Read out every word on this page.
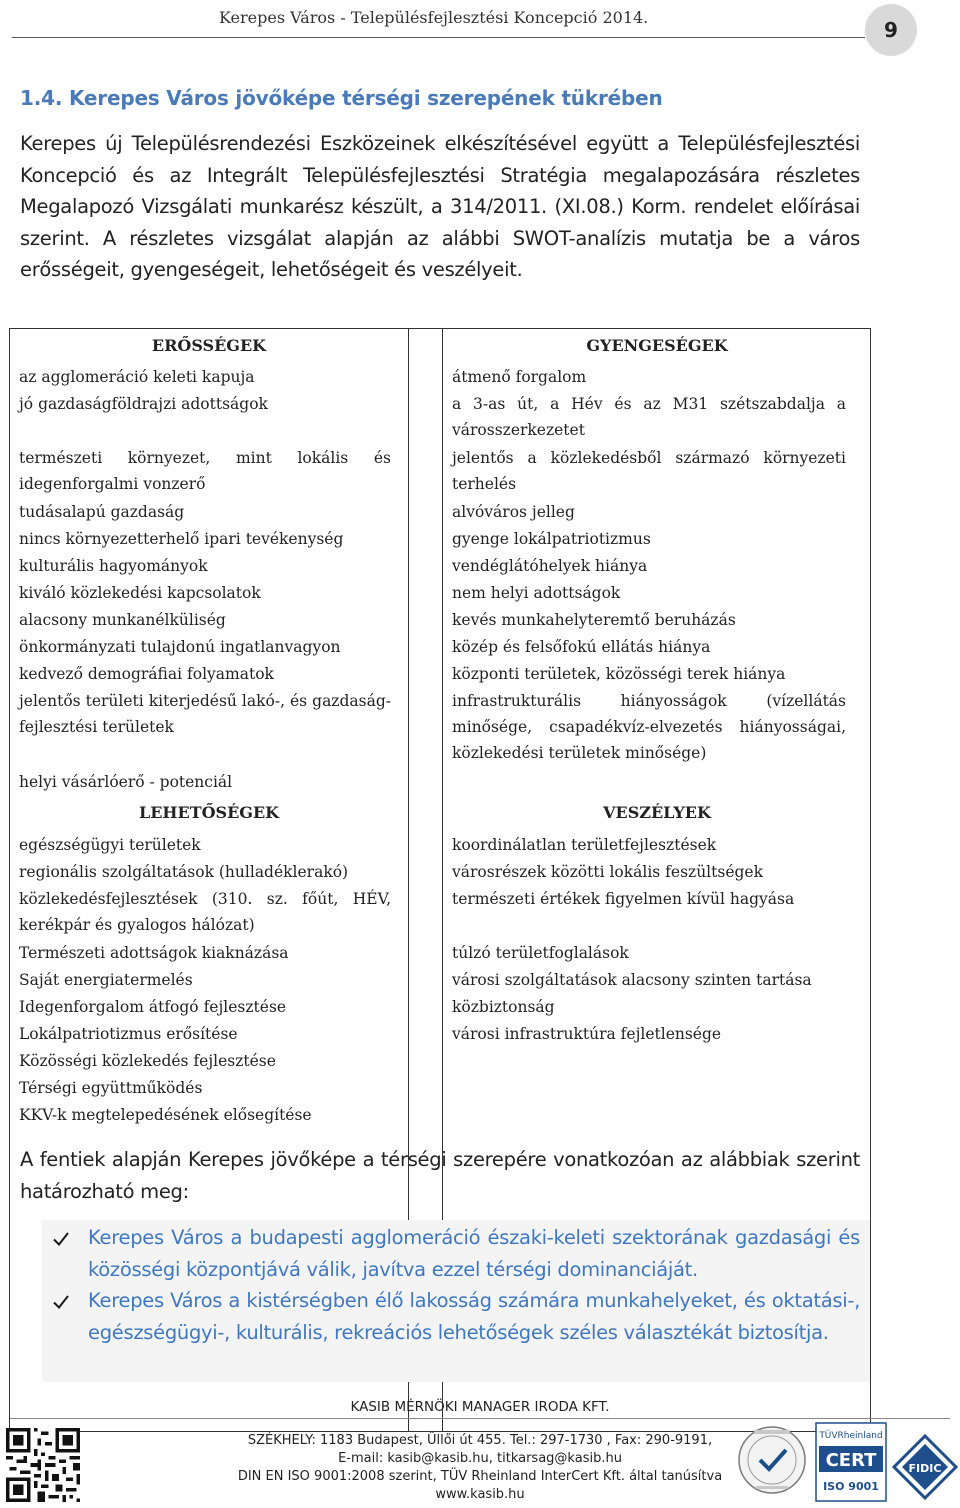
Kerepes Város - Településfejlesztési Koncepció 2014.
9
1.4. Kerepes Város jövőképe térségi szerepének tükrében
Kerepes új Településrendezési Eszközeinek elkészítésével együtt a Településfejlesztési Koncepció és az Integrált Településfejlesztési Stratégia megalapozására részletes Megalapozó Vizsgálati munkarész készült, a 314/2011. (XI.08.) Korm. rendelet előírásai szerint. A részletes vizsgálat alapján az alábbi SWOT-analízis mutatja be a város erősségeit, gyengeségeit, lehetőségeit és veszélyeit.
ERŐSSÉGEK	GYENGESÉGEK
LEHETŐSÉGEK	VESZÉLYEK
az agglomeráció keleti kapuja
jó gazdaságföldrajzi adottságok
természeti környezet, mint lokális és idegenforgalmi vonzerő
tudásalapú gazdaság
nincs környezetterhelő ipari tevékenység
kulturális hagyományok
kiváló közlekedési kapcsolatok
alacsony munkanélküliség
önkormányzati tulajdonú ingatlanvagyon
kedvező demográfiai folyamatok
jelentős területi kiterjedésű lakó-, és gazdaság-fejlesztési területek
helyi vásárlóerő - potenciál
átmenő forgalom
a 3-as út, a Hév és az M31 szétszabdalja a városszerkezetet
jelentős a közlekedésből származó környezeti terhelés
alvóváros jelleg
gyenge lokálpatriotizmus
vendéglátóhelyek hiánya
nem helyi adottságok
kevés munkahelyteremtő beruházás
közép és felsőfokú ellátás hiánya
központi területek, közösségi terek hiánya
infrastrukturális hiányosságok (vízellátás minősége, csapadékvíz-elvezetés hiányosságai, közlekedési területek minősége)
egészségügyi területek
regionális szolgáltatások (hulladéklerakó)
közlekedésfejlesztések (310. sz. főút, HÉV, kerékpár és gyalogos hálózat)
Természeti adottságok kiaknázása
Saját energiatermelés
Idegenforgalom átfogó fejlesztése
Lokálpatriotizmus erősítése
Közösségi közlekedés fejlesztése
Térségi együttműködés
KKV-k megtelepedésének elősegítése
koordinálatlan területfejlesztések
városrészek közötti lokális feszültségek
természeti értékek figyelmen kívül hagyása
túlzó területfoglalások
városi szolgáltatások alacsony szinten tartása
közbiztonság
városi infrastruktúra fejletlensége
A fentiek alapján Kerepes jövőképe a térségi szerepére vonatkozóan az alábbiak szerint határozható meg:
Kerepes Város a budapesti agglomeráció északi-keleti szektorának gazdasági és közösségi központjává válik, javítva ezzel térségi dominanciáját.
Kerepes Város a kistérségben élő lakosság számára munkahelyeket, és oktatási-, egészségügyi-, kulturális, rekreációs lehetőségek széles választékát biztosítja.
KASIB MÉRNÖKI MANAGER IRODA KFT.
SZÉKHELY: 1183 Budapest, Üllői út 455. Tel.: 297-1730 , Fax: 290-9191,
E-mail: kasib@kasib.hu, titkarsag@kasib.hu
DIN EN ISO 9001:2008 szerint, TÜV Rheinland InterCert Kft. által tanúsítva
www.kasib.hu
TÜVRheinland
CERT
ISO 9001
FIDIC
